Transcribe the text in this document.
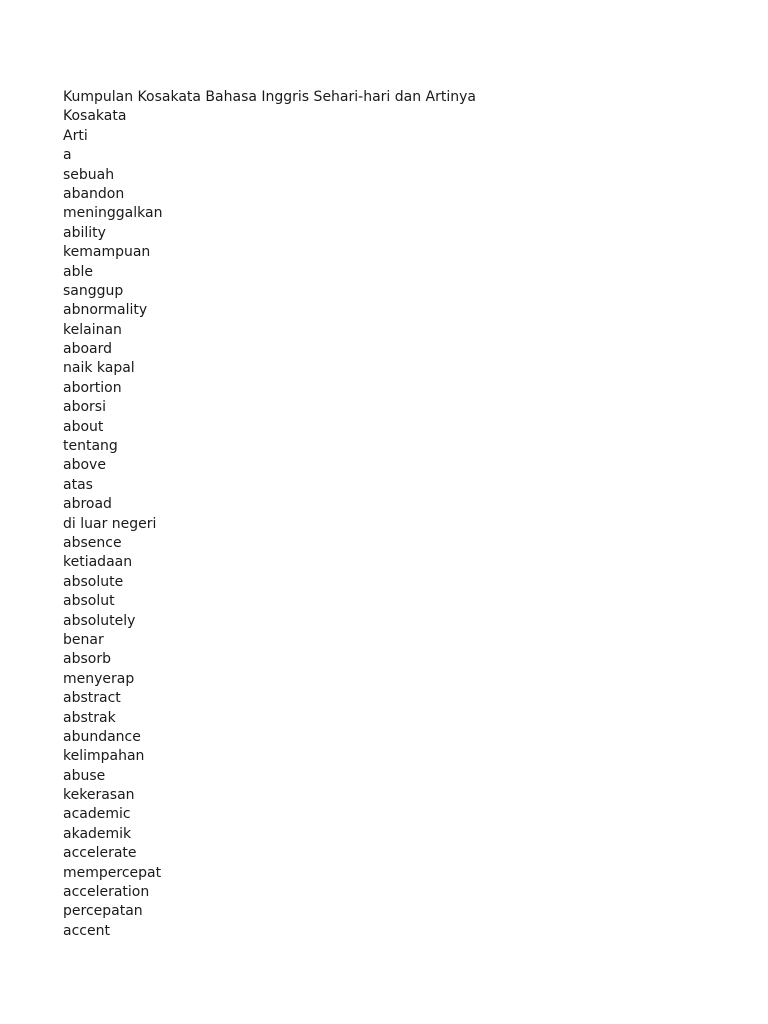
Kumpulan Kosakata Bahasa Inggris Sehari-hari dan Artinya
Kosakata
Arti
a
sebuah
abandon
meninggalkan
ability
kemampuan
able
sanggup
abnormality
kelainan
aboard
naik kapal
abortion
aborsi
about
tentang
above
atas
abroad
di luar negeri
absence
ketiadaan
absolute
absolut
absolutely
benar
absorb
menyerap
abstract
abstrak
abundance
kelimpahan
abuse
kekerasan
academic
akademik
accelerate
mempercepat
acceleration
percepatan
accent
